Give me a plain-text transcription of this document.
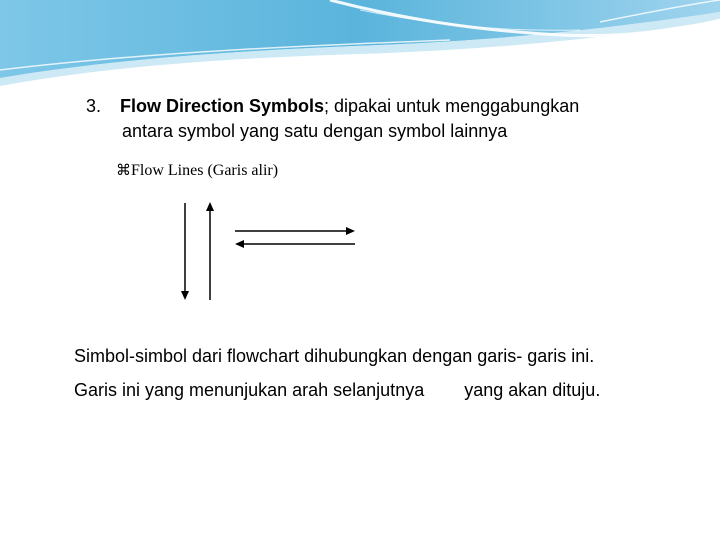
3. Flow Direction Symbols; dipakai untuk menggabungkan
antara symbol yang satu dengan symbol lainnya
⌘Flow Lines (Garis alir)
Simbol-simbol dari flowchart dihubungkan dengan garis- garis ini.
Garis ini yang menunjukan arah selanjutnya yang akan dituju.
